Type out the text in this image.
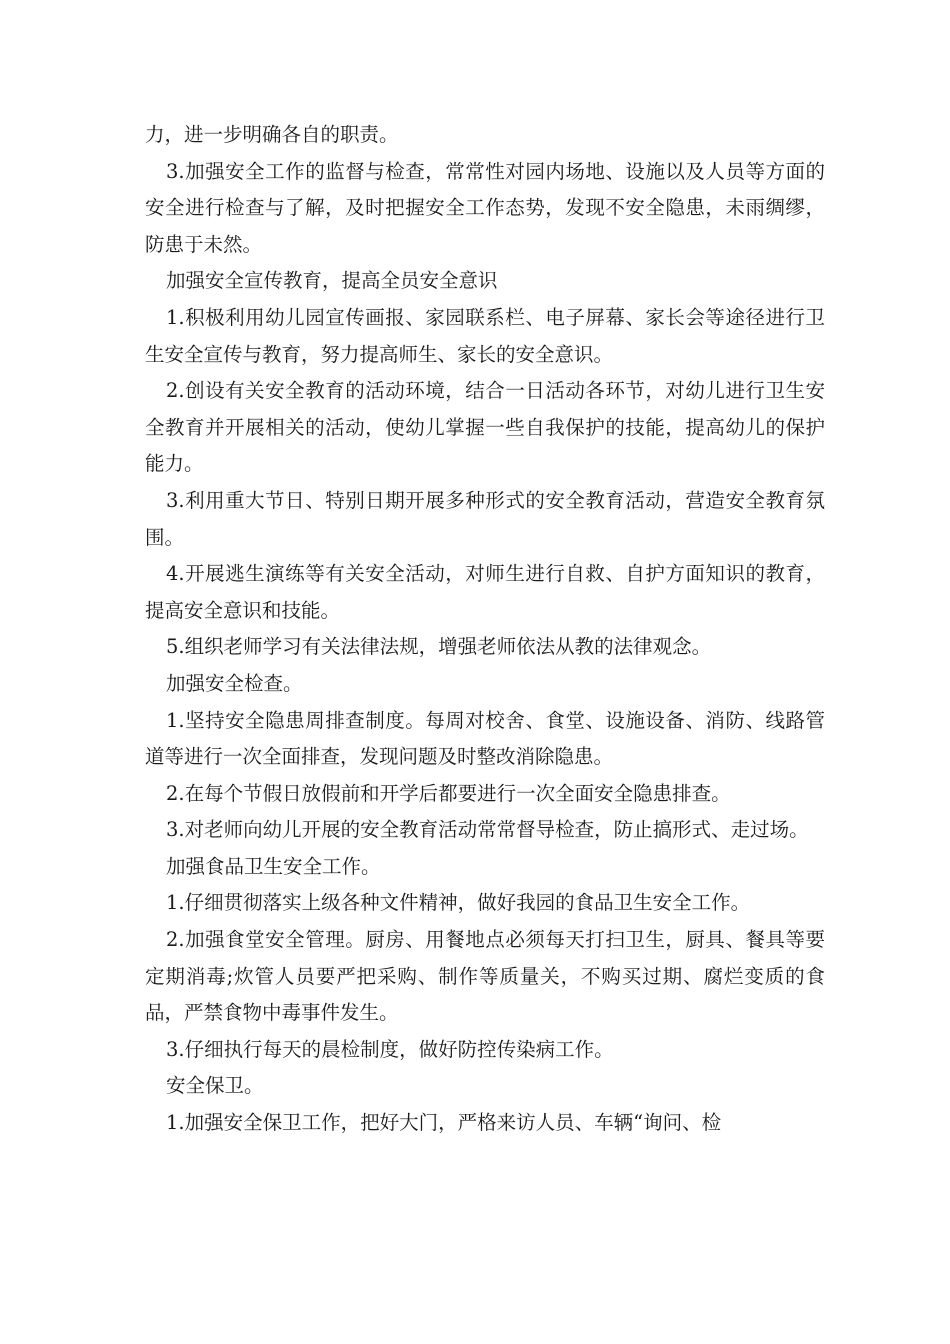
力，进一步明确各自的职责。

3.加强安全工作的监督与检查，常常性对园内场地、设施以及人员等方面的安全进行检查与了解，及时把握安全工作态势，发现不安全隐患，未雨绸缪，防患于未然。

加强安全宣传教育，提高全员安全意识

1.积极利用幼儿园宣传画报、家园联系栏、电子屏幕、家长会等途径进行卫生安全宣传与教育，努力提高师生、家长的安全意识。

2.创设有关安全教育的活动环境，结合一日活动各环节，对幼儿进行卫生安全教育并开展相关的活动，使幼儿掌握一些自我保护的技能，提高幼儿的保护能力。

3.利用重大节日、特别日期开展多种形式的安全教育活动，营造安全教育氛围。

4.开展逃生演练等有关安全活动，对师生进行自救、自护方面知识的教育，提高安全意识和技能。

5.组织老师学习有关法律法规，增强老师依法从教的法律观念。

加强安全检查。

1.坚持安全隐患周排查制度。每周对校舍、食堂、设施设备、消防、线路管道等进行一次全面排查，发现问题及时整改消除隐患。

2.在每个节假日放假前和开学后都要进行一次全面安全隐患排查。

3.对老师向幼儿开展的安全教育活动常常督导检查，防止搞形式、走过场。

加强食品卫生安全工作。

1.仔细贯彻落实上级各种文件精神，做好我园的食品卫生安全工作。

2.加强食堂安全管理。厨房、用餐地点必须每天打扫卫生，厨具、餐具等要定期消毒;炊管人员要严把采购、制作等质量关，不购买过期、腐烂变质的食品，严禁食物中毒事件发生。

3.仔细执行每天的晨检制度，做好防控传染病工作。

安全保卫。

1.加强安全保卫工作，把好大门，严格来访人员、车辆“询问、检
